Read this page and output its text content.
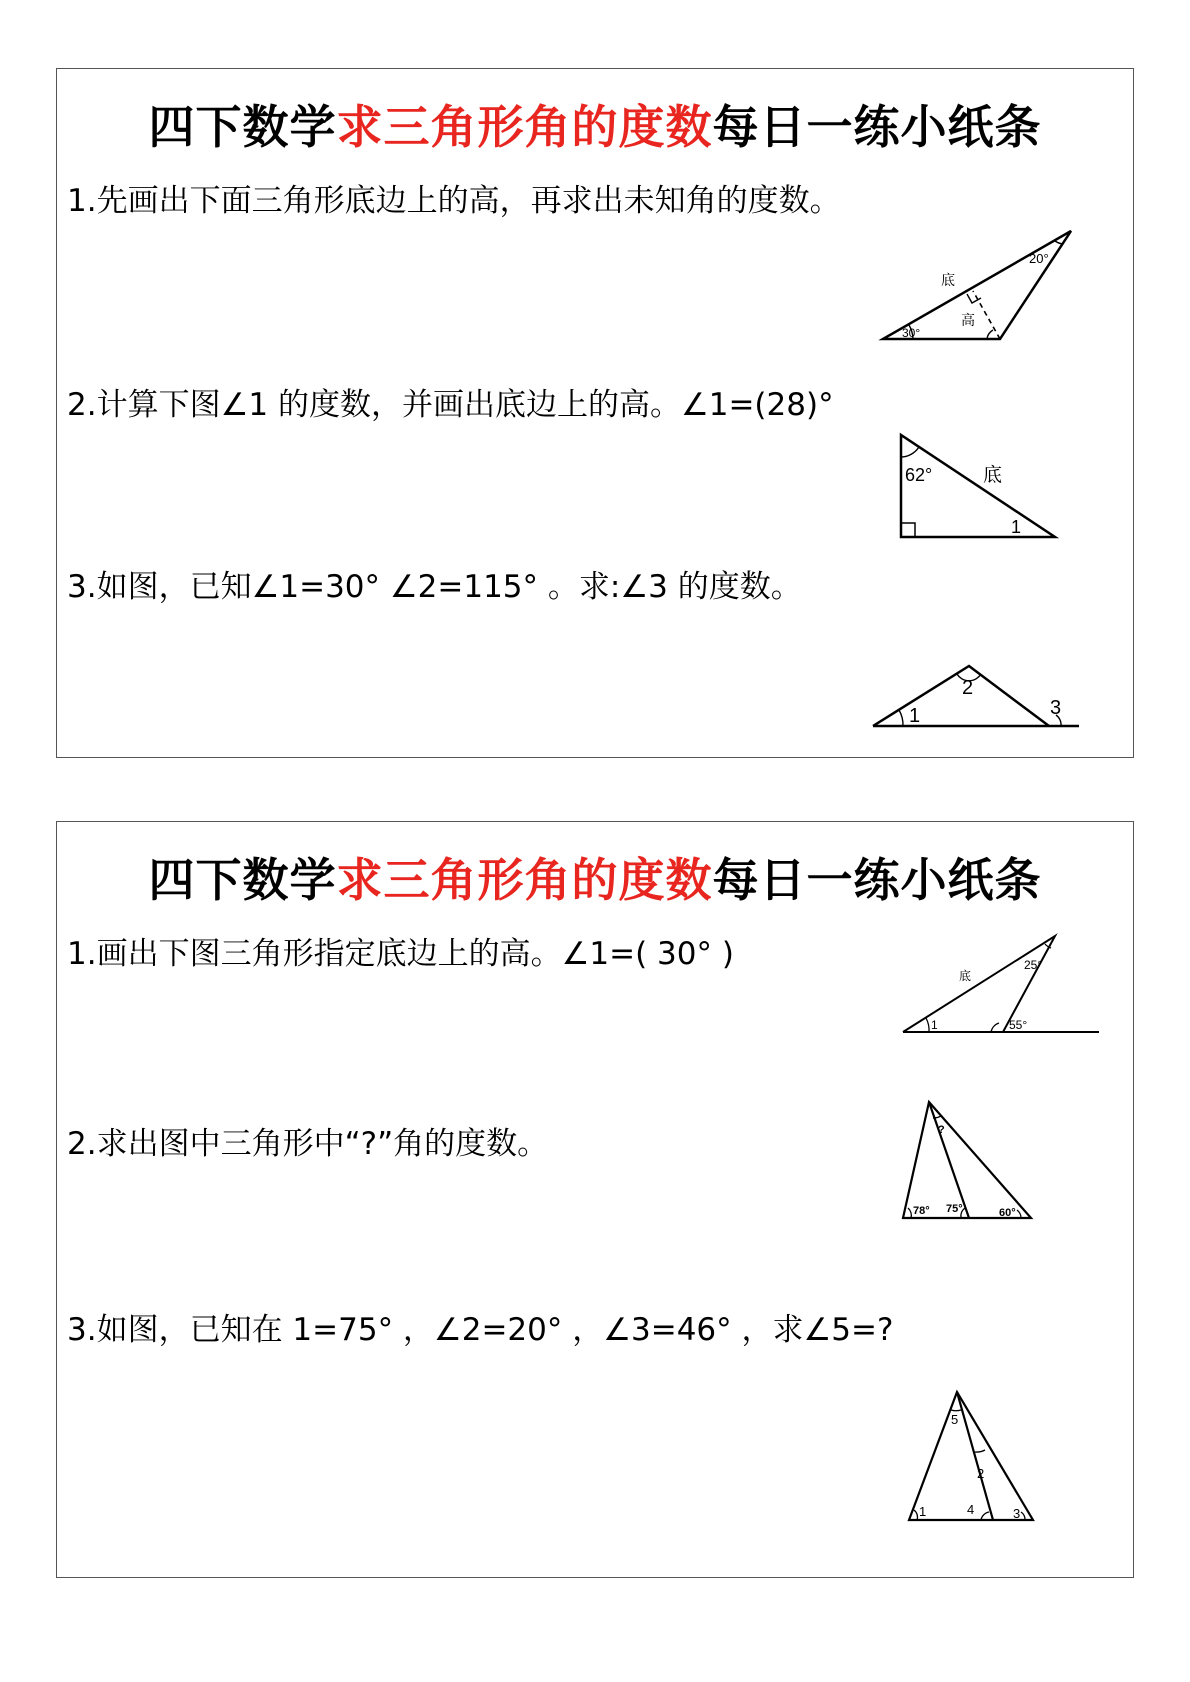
四下数学求三角形角的度数每日一练小纸条
1.先画出下面三角形底边上的高，再求出未知角的度数。
底
高
30°
20°
2.计算下图∠1 的度数，并画出底边上的高。∠1=(28)°
62°	底
1
3.如图，已知∠1=30° ∠2=115° 。求:∠3 的度数。
1
2
3
四下数学求三角形角的度数每日一练小纸条
1.画出下图三角形指定底边上的高。∠1=( 30° )
底
25°
55°
1
2.求出图中三角形中“?”角的度数。	?
78° 75°	60°
3.如图，已知在 1=75° ，∠2=20° ，∠3=46° ，求∠5=?
5
2
1	4	3
